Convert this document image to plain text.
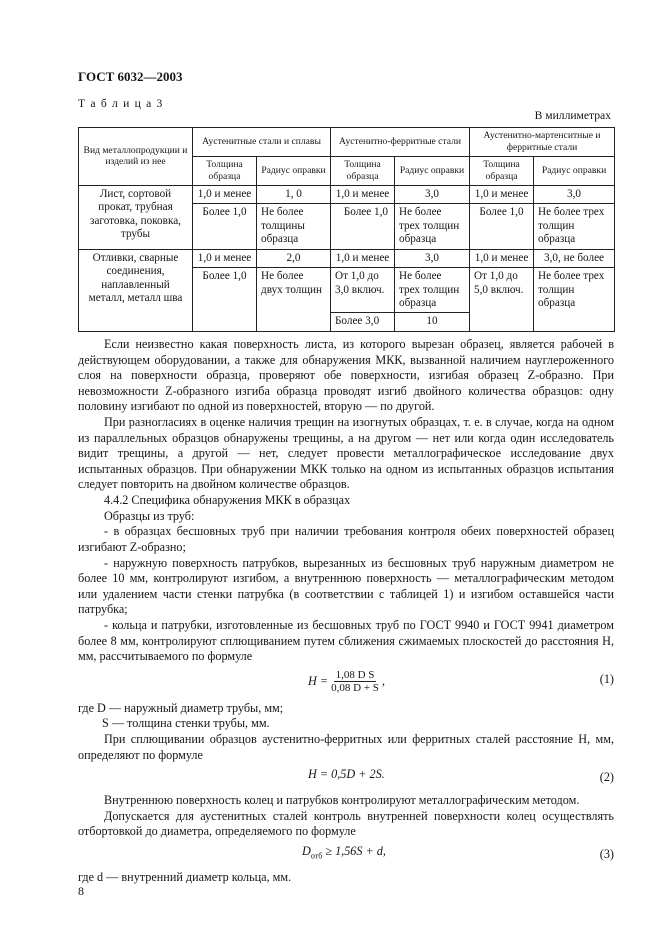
ГОСТ 6032—2003
Т а б л и ц а 3
В миллиметрах
Вид металлопродукции и изделий из нее	Аустенитные стали и сплавы		Аустенитно-ферритные стали		Аустенитно-мартенситные и ферритные стали	
	Толщина образца	Радиус оправки	Толщина образца	Радиус оправки	Толщина образца	Радиус оправки
Лист, сортовой прокат, трубная заготовка, поковка, трубы	1,0 и менее	1, 0	1,0 и менее	3,0	1,0 и менее	3,0
	Более 1,0	Не более толщины образца	Более 1,0	Не более трех толщин образца	Более 1,0	Не более трех толщин образца
Отливки, сварные соединения, наплавленный металл, металл шва	1,0 и менее	2,0	1,0 и менее	3,0	1,0 и менее	3,0, не более
	Более 1,0	Не более двух толщин	От 1,0 до 3,0 включ.	Не более трех толщин образца	От 1,0 до 5,0 включ.	Не более трех толщин образца
			Более 3,0	10		

Если неизвестно какая поверхность листа, из которого вырезан образец, является рабочей в действующем оборудовании, а также для обнаружения МКК, вызванной наличием науглероженного слоя на поверхности образца, проверяют обе поверхности, изгибая образец Z-образно. При невозможности Z-образного изгиба образца проводят изгиб двойного количества образцов: одну половину изгибают по одной из поверхностей, вторую — по другой.

При разногласиях в оценке наличия трещин на изогнутых образцах, т. е. в случае, когда на одном из параллельных образцов обнаружены трещины, а на другом — нет или когда один исследователь видит трещины, а другой — нет, следует провести металлографическое исследование двух испытанных образцов. При обнаружении МКК только на одном из испытанных образцов испытания следует повторить на двойном количестве образцов.

4.4.2 Специфика обнаружения МКК в образцах

Образцы из труб:

- в образцах бесшовных труб при наличии требования контроля обеих поверхностей образец изгибают Z-образно;

- наружную поверхность патрубков, вырезанных из бесшовных труб наружным диаметром не более 10 мм, контролируют изгибом, а внутреннюю поверхность — металлографическим методом или удалением части стенки патрубка (в соответствии с таблицей 1) и изгибом оставшейся части патрубка;

- кольца и патрубки, изготовленные из бесшовных труб по ГОСТ 9940 и ГОСТ 9941 диаметром более 8 мм, контролируют сплющиванием путем сближения сжимаемых плоскостей до расстояния H, мм, рассчитываемого по формуле

$H = \frac{\text{1,08 D S}}{0,08 D + S}$ ,	(1)

где D — наружный диаметр трубы, мм;

S — толщина стенки трубы, мм.

При сплющивании образцов аустенитно-ферритных или ферритных сталей расстояние H, мм, определяют по формуле

H = 0,5D + 2S.	(2)

Внутреннюю поверхность колец и патрубков контролируют металлографическим методом.

Допускается для аустенитных сталей контроль внутренней поверхности колец осуществлять отбортовкой до диаметра, определяемого по формуле

$D_{отб} \ge 1,56S + d$,	(3)

где d — внутренний диаметр кольца, мм.

8
